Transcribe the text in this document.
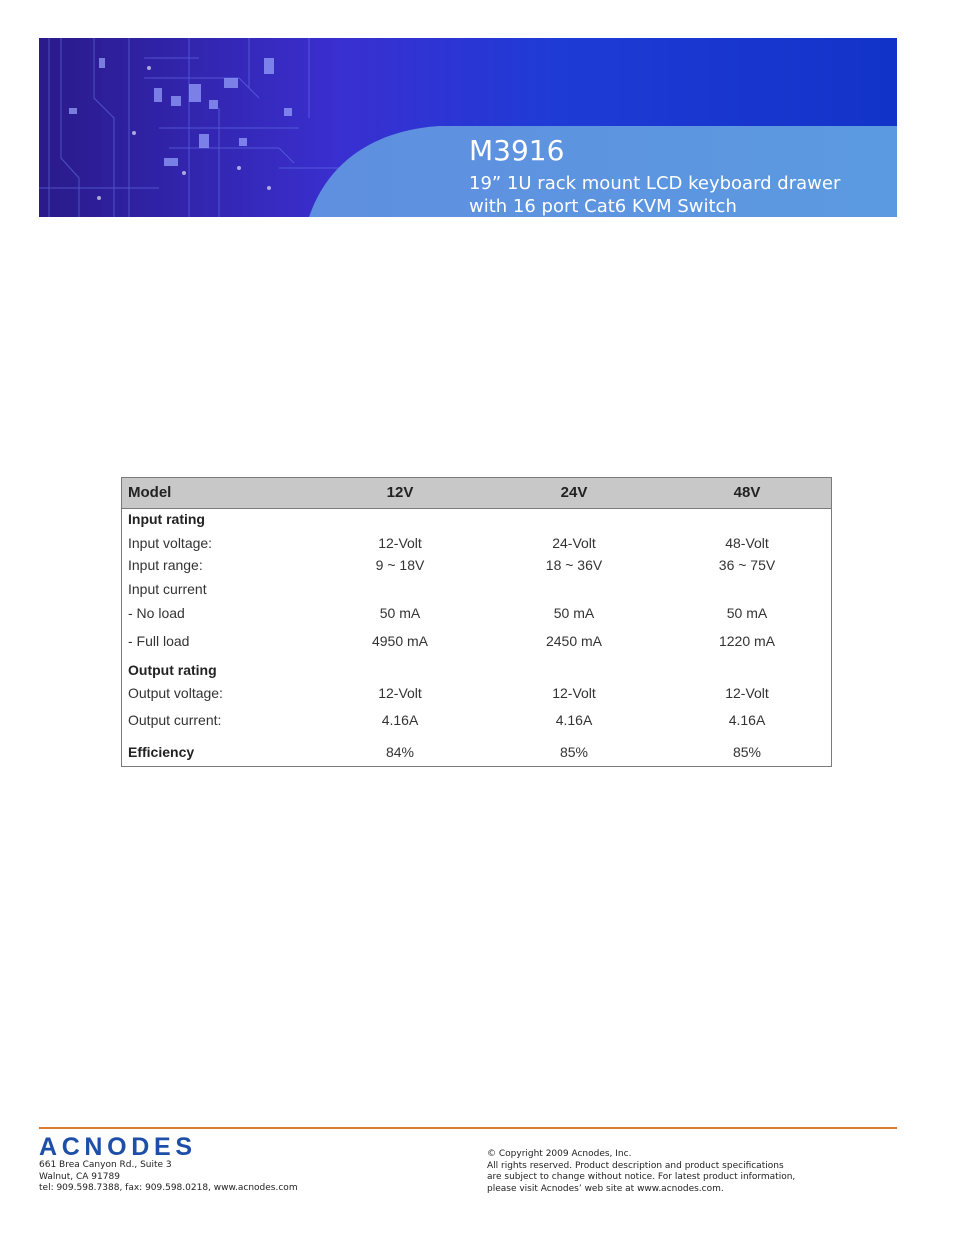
M3916

19” 1U rack mount LCD keyboard drawer
with 16 port Cat6 KVM Switch

Model	12V	24V	48V
Input rating
Input voltage:	12-Volt	24-Volt	48-Volt
Input range:	9 ~ 18V	18 ~ 36V	36 ~ 75V
Input current
- No load	50 mA	50 mA	50 mA
- Full load	4950 mA	2450 mA	1220 mA
Output rating
Output voltage:	12-Volt	12-Volt	12-Volt
Output current:	4.16A	4.16A	4.16A
Efficiency	84%	85%	85%
ACNODES
661 Brea Canyon Rd., Suite 3
Walnut, CA 91789
tel: 909.598.7388, fax: 909.598.0218, www.acnodes.com
© Copyright 2009 Acnodes, Inc.
All rights reserved. Product description and product specifications
are subject to change without notice. For latest product information,
please visit Acnodes’ web site at www.acnodes.com.
